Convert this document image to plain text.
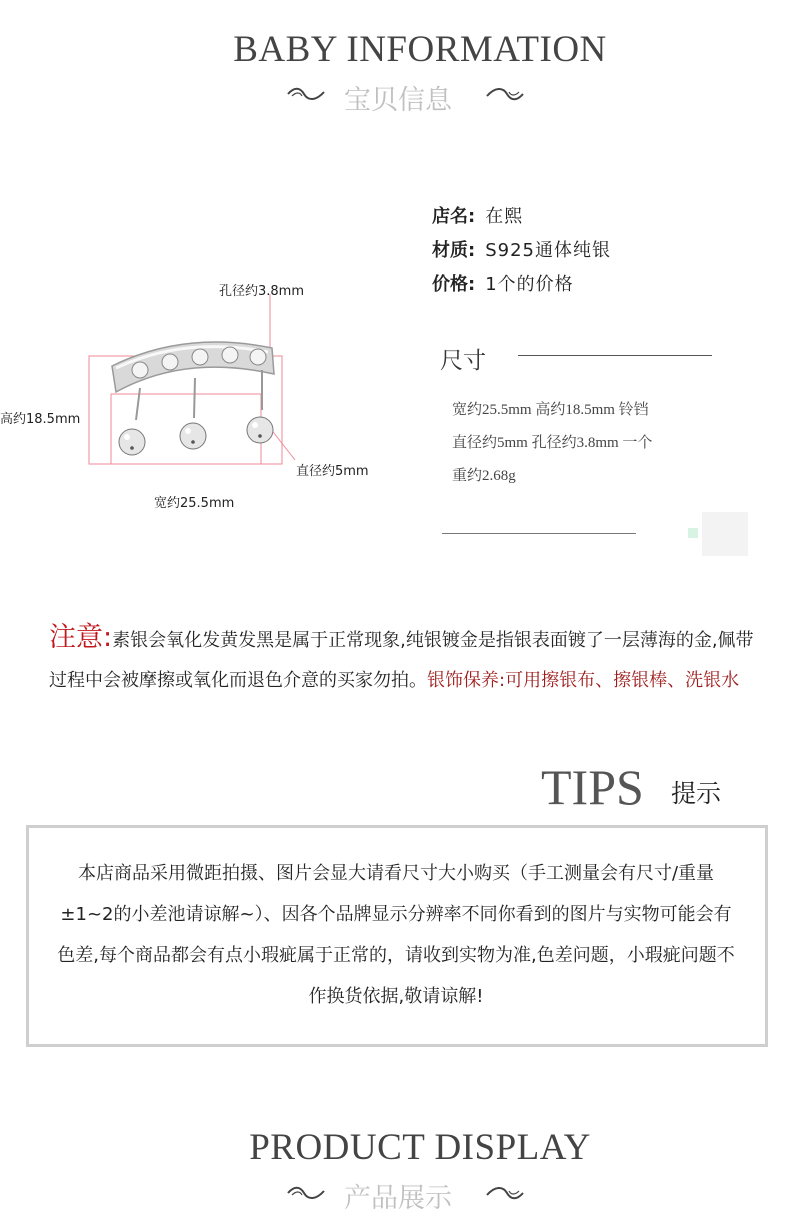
BABY INFORMATION
宝贝信息
孔径约3.8mm
高约18.5mm
直径约5mm
宽约25.5mm
店名: 在熙
材质: S925通体纯银
价格: 1个的价格
尺寸
宽约25.5mm 高约18.5mm 铃铛
直径约5mm 孔径约3.8mm 一个
重约2.68g
注意:素银会氧化发黄发黑是属于正常现象,纯银镀金是指银表面镀了一层薄海的金,佩带过程中会被摩擦或氧化而退色介意的买家勿拍。银饰保养:可用擦银布、擦银棒、洗银水
TIPS 提示
本店商品采用微距拍摄、图片会显大请看尺寸大小购买（手工测量会有尺寸/重量±1~2的小差池请谅解~）、因各个品牌显示分辨率不同你看到的图片与实物可能会有色差,每个商品都会有点小瑕疵属于正常的，请收到实物为准,色差问题，小瑕疵问题不作换货依据,敬请谅解!
PRODUCT DISPLAY
产品展示
